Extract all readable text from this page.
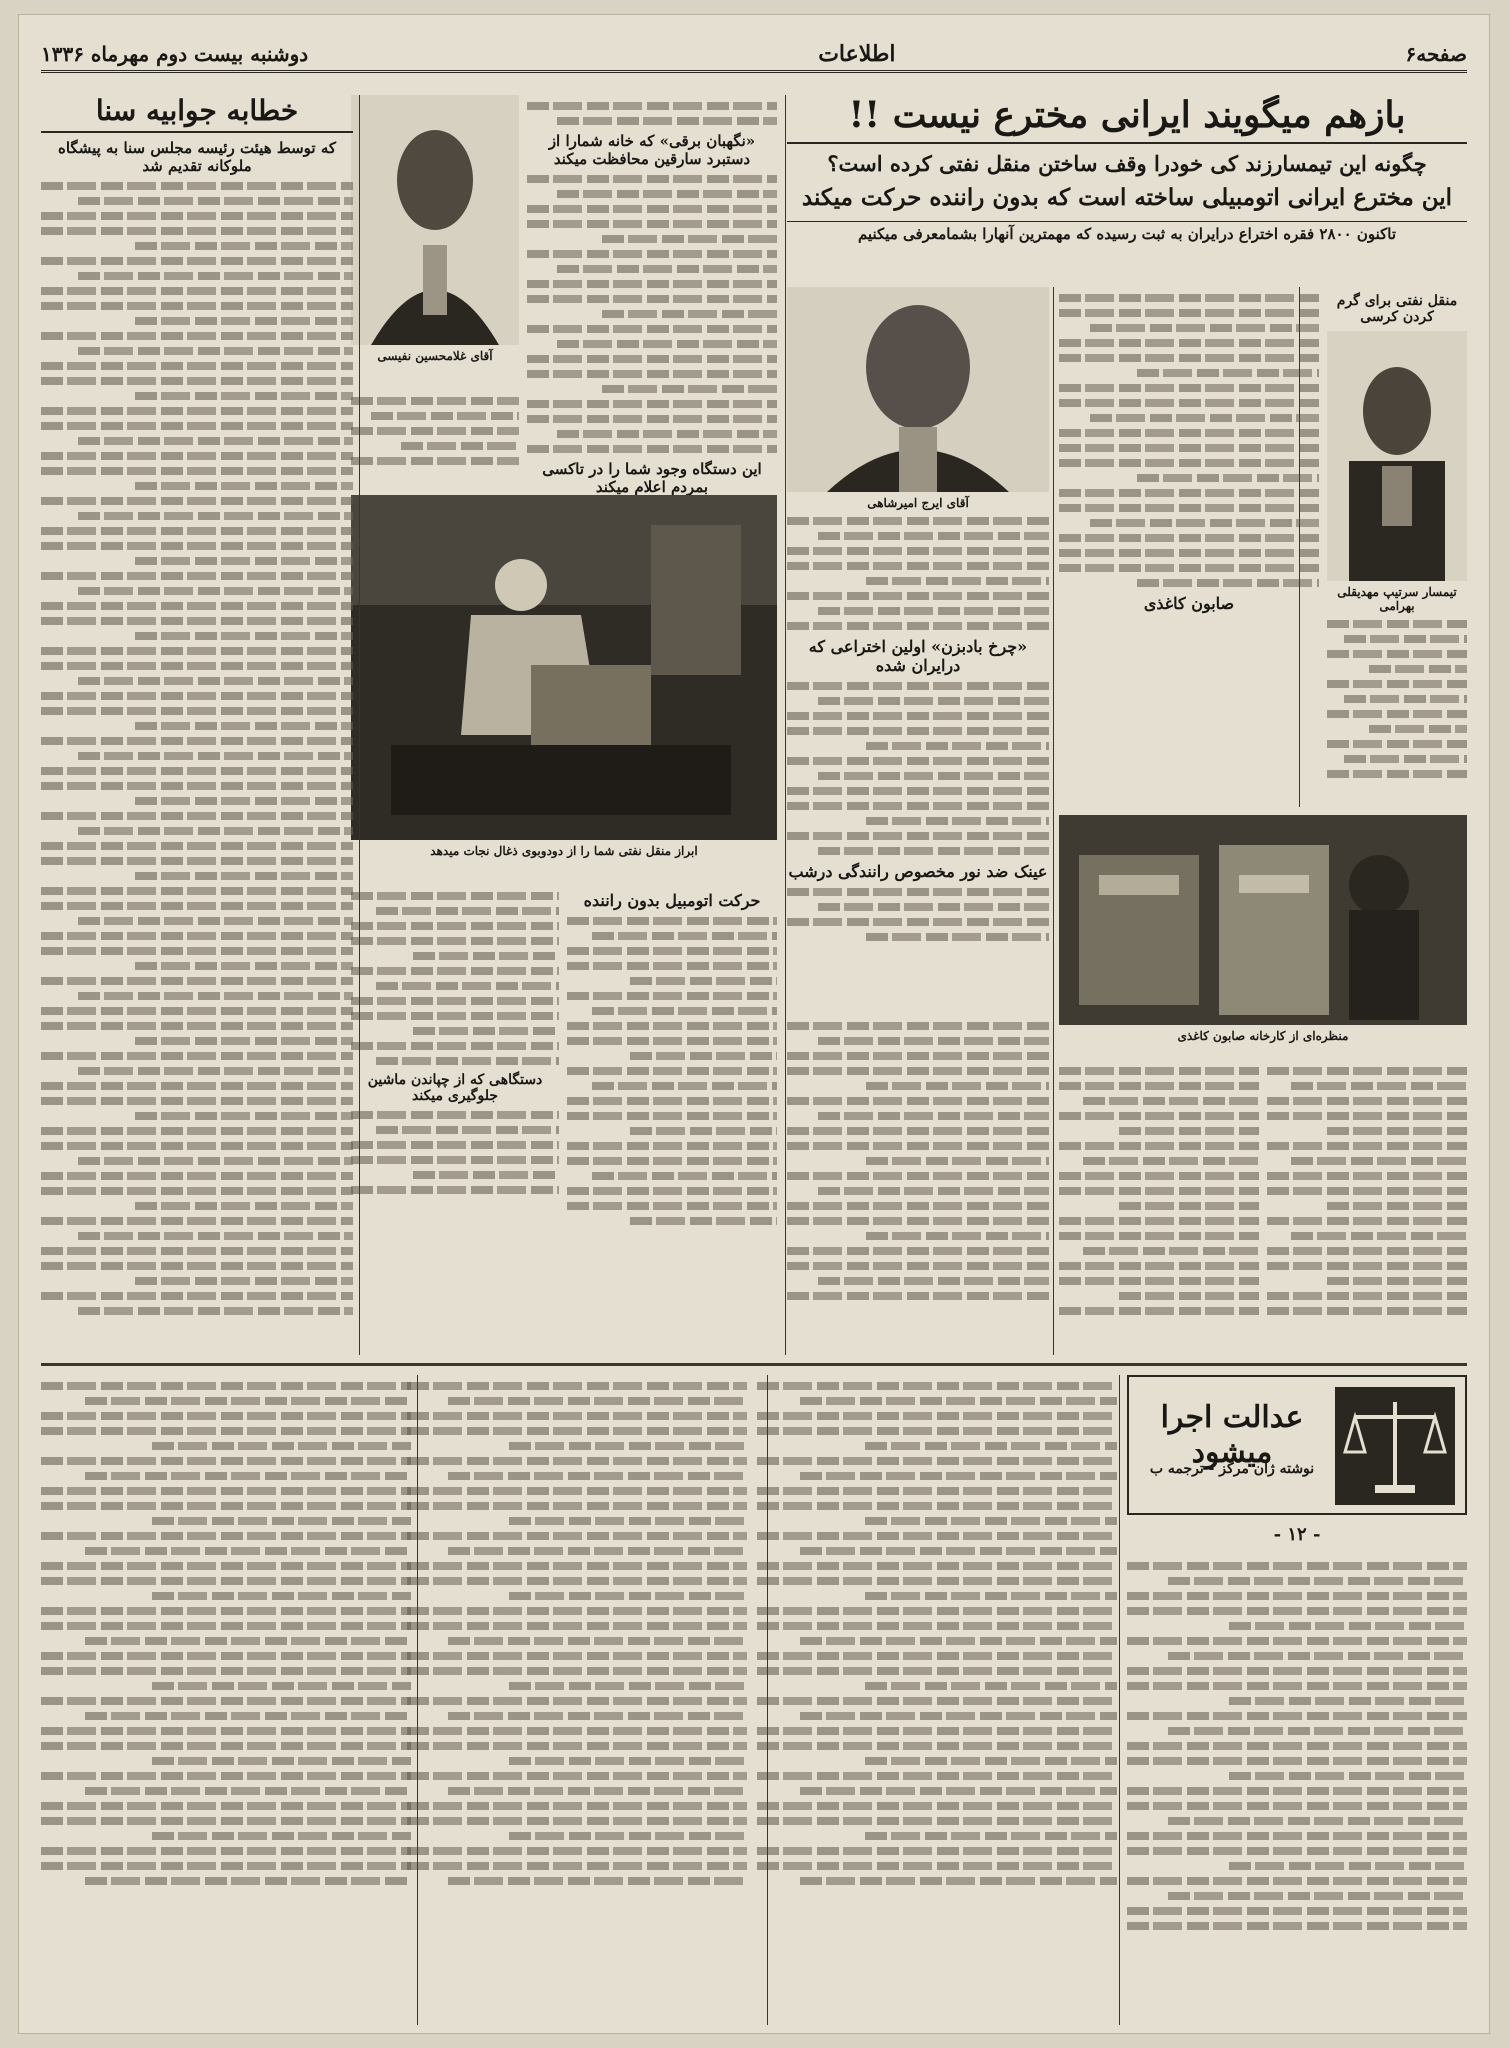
صفحه۶
اطلاعات
دوشنبه بیست دوم مهرماه ۱۳۳۶
بازهم میگویند ایرانی مخترع نیست !!
چگونه این تیمسارزند کی خودرا وقف ساختن منقل نفتی کرده است؟
این مخترع ایرانی اتومبیلی ساخته است که بدون راننده حرکت میکند
تاکنون ۲۸۰۰ فقره اختراع درایران به ثبت رسیده که مهمترین آنهارا بشمامعرفی میکنیم
منقل نفتی برای گرم کردن کرسی
تیمسار سرتیپ مهدیقلی بهرامی
صابون کاغذی
آقای ایرج امیرشاهی
«چرخ بادبزن» اولین اختراعی که درایران شده
عینک ضد نور مخصوص رانندگی درشب
منظره‌ای از کارخانه صابون کاغذی
«نگهبان برقی» که خانه شمارا از دستبرد سارقین محافظت میکند
این دستگاه وجود شما را در تاکسی بمردم اعلام میکند
آقای غلامحسین نفیسی
ابراز منقل نفتی شما را از دودوبوی ذغال نجات میدهد
حرکت اتومبیل بدون راننده
دستگاهی که از چپاندن ماشین جلوگیری میکند
خطابه جوابیه سنا
که توسط هیئت رئیسه مجلس سنا به پیشگاه ملوکانه تقدیم شد
عدالت اجرا میشود
نوشته ژان مرکز - ترجمه ب
- ۱۲ -
